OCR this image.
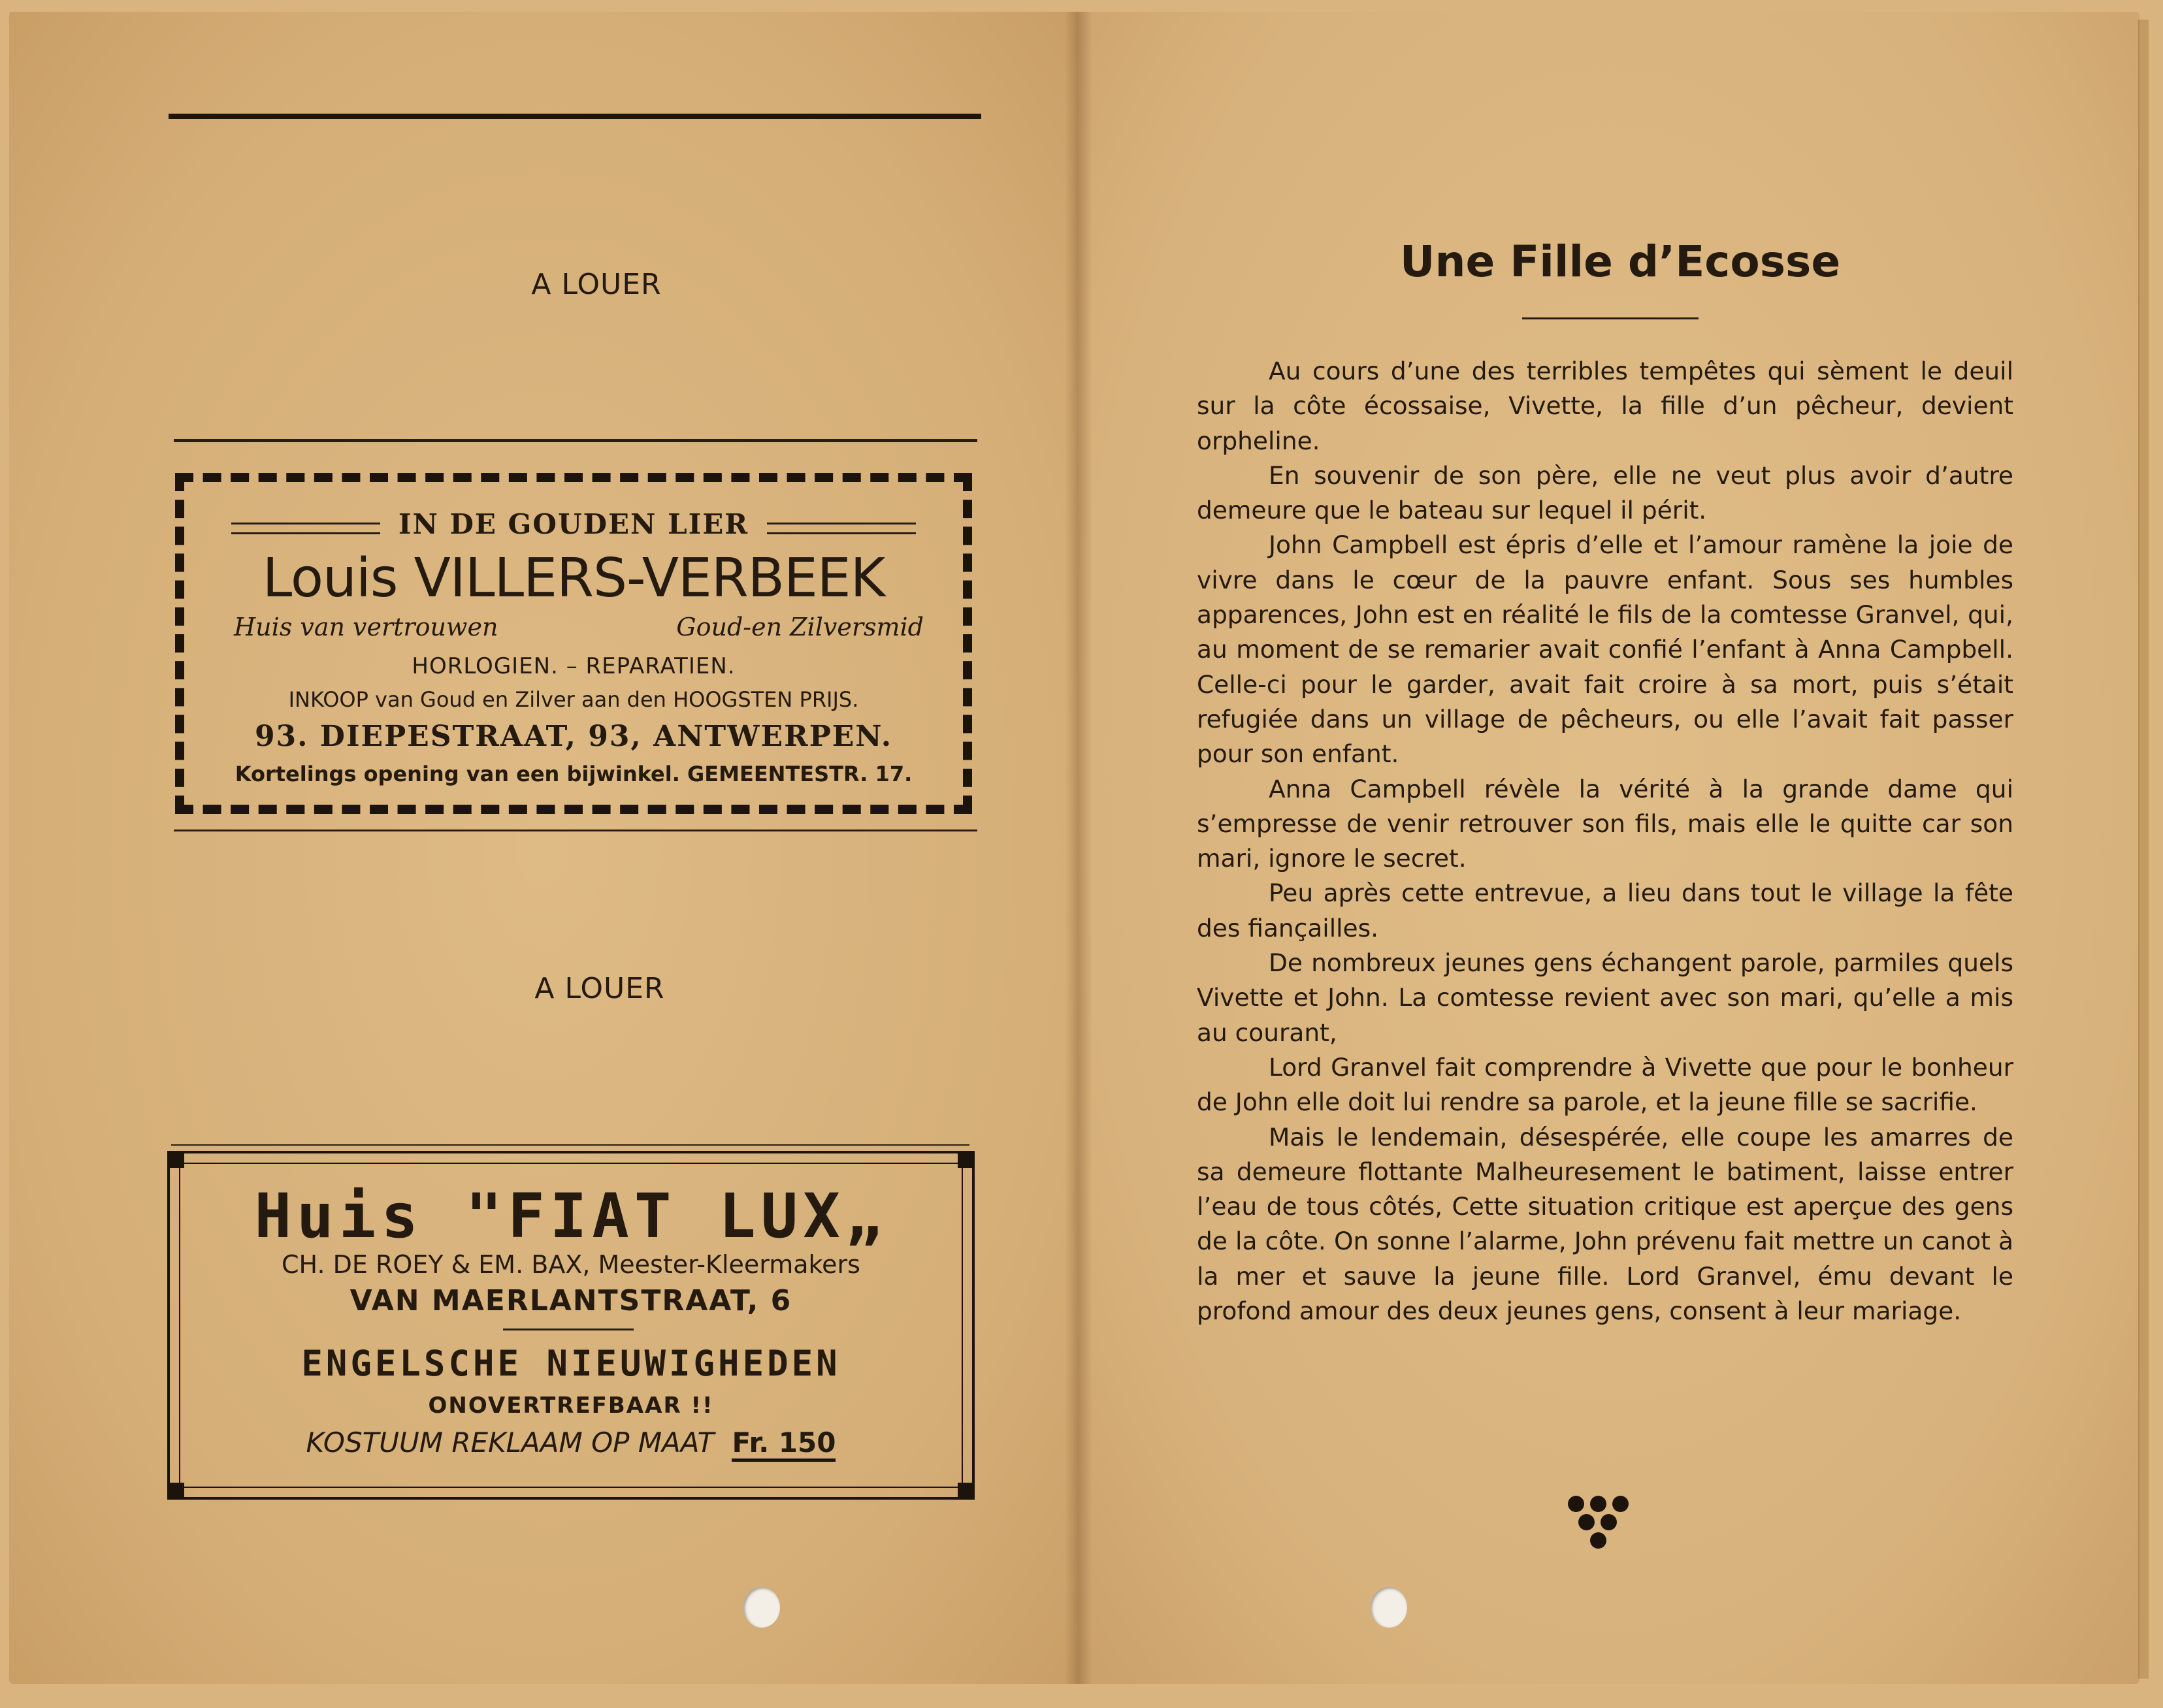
A LOUER
IN DE GOUDEN LIER
Louis VILLERS-VERBEEK
Huis van vertrouwen	Goud-en Zilversmid
HORLOGIEN. – REPARATIEN.
INKOOP van Goud en Zilver aan den HOOGSTEN PRIJS.
93. DIEPESTRAAT, 93, ANTWERPEN.
Kortelings opening van een bijwinkel. GEMEENTESTR. 17.
A LOUER
Huis "FIAT LUX„
CH. DE ROEY & EM. BAX, Meester-Kleermakers
VAN MAERLANTSTRAAT, 6
ENGELSCHE NIEUWIGHEDEN
ONOVERTREFBAAR !!
KOSTUUM REKLAAM OP MAAT Fr. 150
Une Fille d’Ecosse

Au cours d’une des terribles tempêtes qui sèment le deuil sur la côte écossaise, Vivette, la fille d’un pêcheur, devient orpheline.

En souvenir de son père, elle ne veut plus avoir d’autre demeure que le bateau sur lequel il périt.

John Campbell est épris d’elle et l’amour ramène la joie de vivre dans le cœur de la pauvre enfant. Sous ses humbles apparences, John est en réalité le fils de la comtesse Granvel, qui, au moment de se remarier avait confié l’enfant à Anna Campbell. Celle-ci pour le garder, avait fait croire à sa mort, puis s’était refugiée dans un village de pêcheurs, ou elle l’avait fait passer pour son enfant.

Anna Campbell révèle la vérité à la grande dame qui s’empresse de venir retrouver son fils, mais elle le quitte car son mari, ignore le secret.

Peu après cette entrevue, a lieu dans tout le village la fête des fiançailles.

De nombreux jeunes gens échangent parole, parmiles quels Vivette et John. La comtesse revient avec son mari, qu’elle a mis au courant,

Lord Granvel fait comprendre à Vivette que pour le bonheur de John elle doit lui rendre sa parole, et la jeune fille se sacrifie.

Mais le lendemain, désespérée, elle coupe les amarres de sa demeure flottante Malheuresement le batiment, laisse entrer l’eau de tous côtés, Cette situation critique est aperçue des gens de la côte. On sonne l’alarme, John prévenu fait mettre un canot à la mer et sauve la jeune fille. Lord Granvel, ému devant le profond amour des deux jeunes gens, consent à leur mariage.
